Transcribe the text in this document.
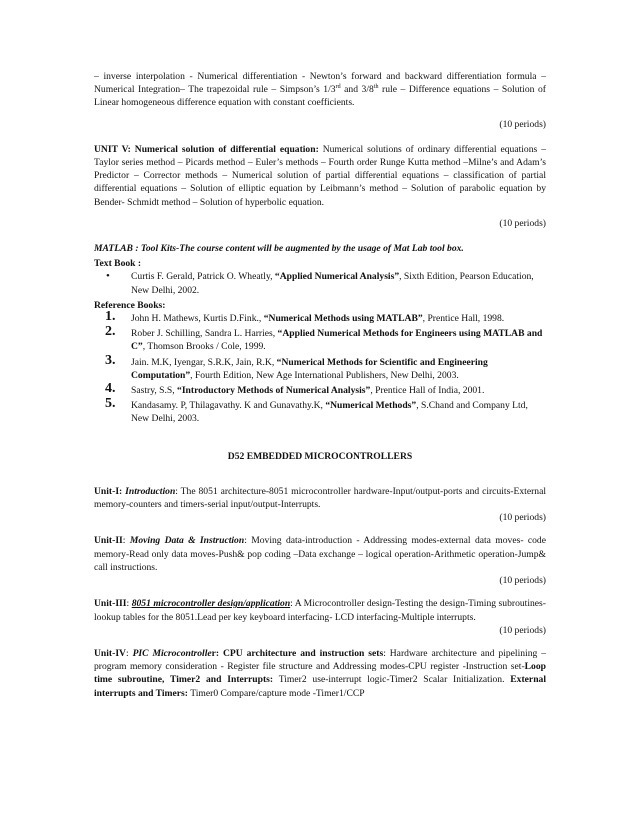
– inverse interpolation - Numerical differentiation - Newton’s forward and backward differentiation formula – Numerical Integration– The trapezoidal rule – Simpson’s 1/3rd and 3/8th rule – Difference equations – Solution of Linear homogeneous difference equation with constant coefficients.

(10 periods)

UNIT V: Numerical solution of differential equation: Numerical solutions of ordinary differential equations –Taylor series method – Picards method – Euler’s methods – Fourth order Runge Kutta method –Milne’s and Adam’s Predictor – Corrector methods – Numerical solution of partial differential equations – classification of partial differential equations – Solution of elliptic equation by Leibmann’s method – Solution of parabolic equation by Bender- Schmidt method – Solution of hyperbolic equation.

(10 periods)

MATLAB : Tool Kits-The course content will be augmented by the usage of Mat Lab tool box.

Text Book :

• Curtis F. Gerald, Patrick O. Wheatly, “Applied Numerical Analysis”, Sixth Edition, Pearson Education, New Delhi, 2002.

Reference Books:

1. John H. Mathews, Kurtis D.Fink., “Numerical Methods using MATLAB”, Prentice Hall, 1998.
2. Rober J. Schilling, Sandra L. Harries, “Applied Numerical Methods for Engineers using MATLAB and C”, Thomson Brooks / Cole, 1999.
3. Jain. M.K, Iyengar, S.R.K, Jain, R.K, “Numerical Methods for Scientific and Engineering Computation”, Fourth Edition, New Age International Publishers, New Delhi, 2003.
4. Sastry, S.S, “Introductory Methods of Numerical Analysis”, Prentice Hall of India, 2001.
5. Kandasamy. P, Thilagavathy. K and Gunavathy.K, “Numerical Methods”, S.Chand and Company Ltd, New Delhi, 2003.

D52 EMBEDDED MICROCONTROLLERS

Unit-I: Introduction: The 8051 architecture-8051 microcontroller hardware-Input/output-ports and circuits-External memory-counters and timers-serial input/output-Interrupts.

(10 periods)

Unit-II: Moving Data & Instruction: Moving data-introduction - Addressing modes-external data moves- code memory-Read only data moves-Push& pop coding –Data exchange – logical operation-Arithmetic operation-Jump& call instructions.

(10 periods)

Unit-III: 8051 microcontroller design/application: A Microcontroller design-Testing the design-Timing subroutines-lookup tables for the 8051.Lead per key keyboard interfacing- LCD interfacing-Multiple interrupts.

(10 periods)

Unit-IV: PIC Microcontroller: CPU architecture and instruction sets: Hardware architecture and pipelining –program memory consideration - Register file structure and Addressing modes-CPU register -Instruction set-Loop time subroutine, Timer2 and Interrupts: Timer2 use-interrupt logic-Timer2 Scalar Initialization. External interrupts and Timers: Timer0 Compare/capture mode -Timer1/CCP
